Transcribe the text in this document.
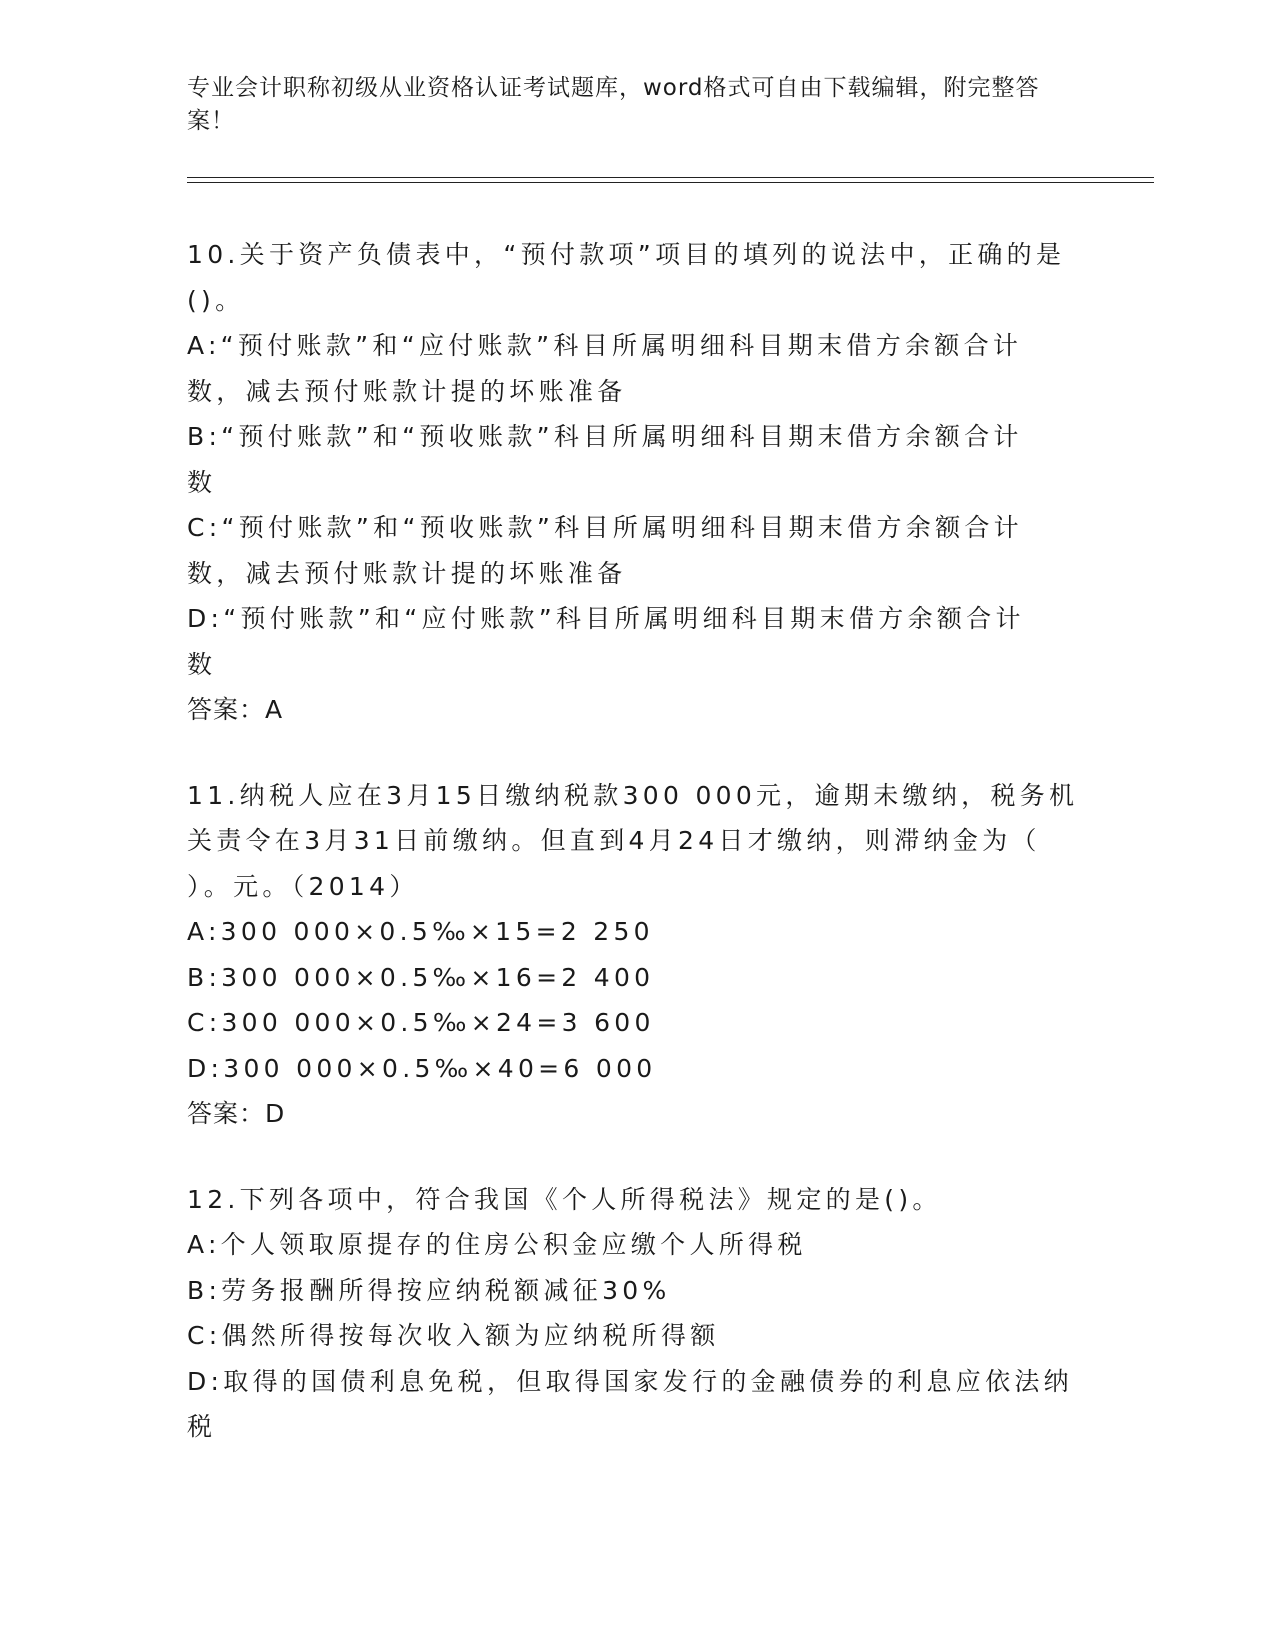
专业会计职称初级从业资格认证考试题库，word格式可自由下载编辑，附完整答案！

10.关于资产负债表中，“预付款项”项目的填列的说法中，正确的是

()。

A:“预付账款”和“应付账款”科目所属明细科目期末借方余额合计

数，减去预付账款计提的坏账准备

B:“预付账款”和“预收账款”科目所属明细科目期末借方余额合计

数

C:“预付账款”和“预收账款”科目所属明细科目期末借方余额合计

数，减去预付账款计提的坏账准备

D:“预付账款”和“应付账款”科目所属明细科目期末借方余额合计

数

答案：A

11.纳税人应在3月15日缴纳税款300 000元，逾期未缴纳，税务机

关责令在3月31日前缴纳。但直到4月24日才缴纳，则滞纳金为（

）。元。（2014）

A:300 000×0.5‰×15=2 250

B:300 000×0.5‰×16=2 400

C:300 000×0.5‰×24=3 600

D:300 000×0.5‰×40=6 000

答案：D

12.下列各项中，符合我国《个人所得税法》规定的是()。

A:个人领取原提存的住房公积金应缴个人所得税

B:劳务报酬所得按应纳税额减征30%

C:偶然所得按每次收入额为应纳税所得额

D:取得的国债利息免税，但取得国家发行的金融债券的利息应依法纳

税
